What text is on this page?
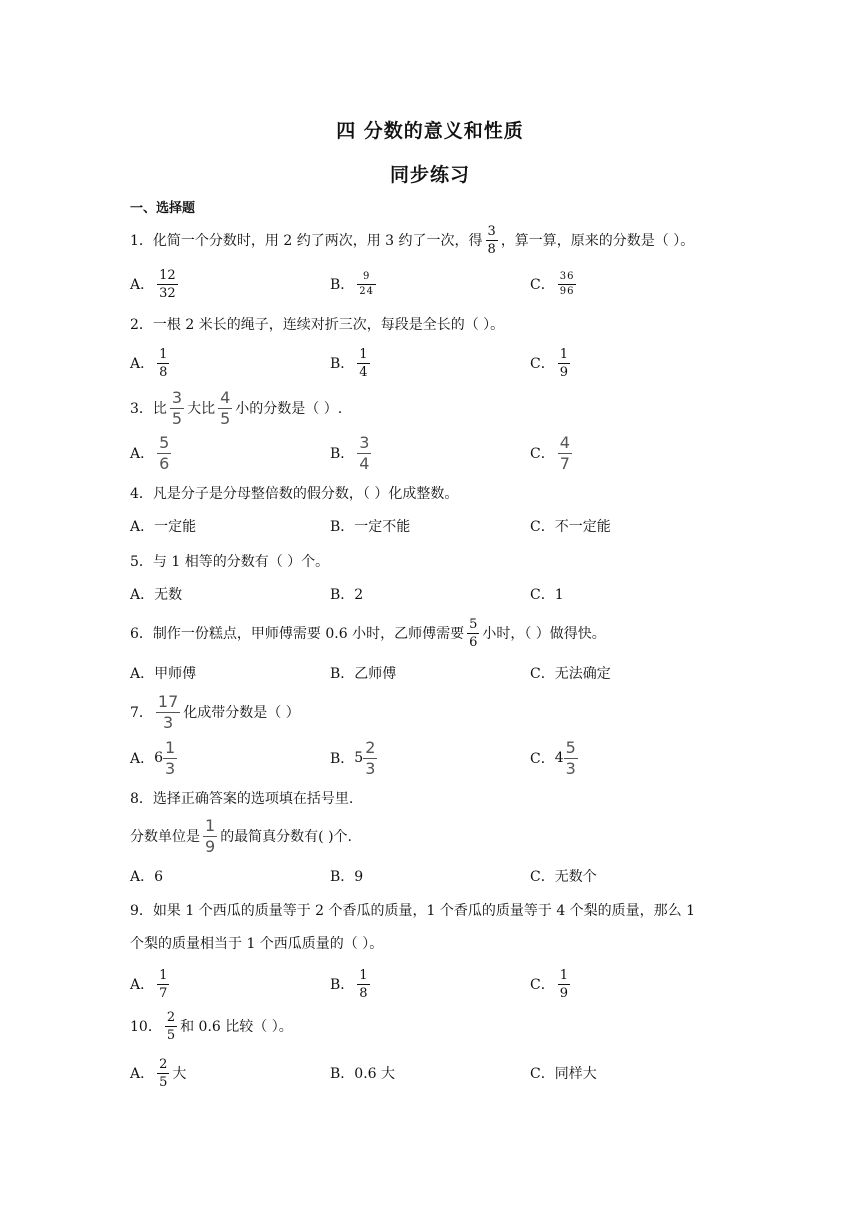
四 分数的意义和性质
同步练习
一、选择题
1．化简一个分数时，用 2 约了两次，用 3 约了一次，得 $\frac{3}{8}$ ，算一算，原来的分数是（ ）。
A． $\frac{12}{32}$	B． $\frac{9}{24}$	C． $\frac{36}{96}$
2．一根 2 米长的绳子，连续对折三次，每段是全长的（ ）。
A． $\frac{1}{8}$	B． $\frac{1}{4}$	C． $\frac{1}{9}$
3．比 $\frac{3}{5}$ 大比 $\frac{4}{5}$ 小的分数是（ ）.
A． $\frac{5}{6}$	B． $\frac{3}{4}$	C． $\frac{4}{7}$
4．凡是分子是分母整倍数的假分数，（ ）化成整数。
A．一定能	B．一定不能	C．不一定能
5．与 1 相等的分数有（ ）个。
A．无数	B．2	C．1
6．制作一份糕点，甲师傅需要 0.6 小时，乙师傅需要 $\frac{5}{6}$ 小时，（ ）做得快。
A．甲师傅	B．乙师傅	C．无法确定
7． $\frac{17}{3}$ 化成带分数是（ ）
A． $6 \frac{1}{3}$	B． $5 \frac{2}{3}$	C． $4 \frac{5}{3}$
8．选择正确答案的选项填在括号里.
分数单位是 $\frac{1}{9}$ 的最简真分数有( )个.
A．6	B．9	C．无数个
9．如果 1 个西瓜的质量等于 2 个香瓜的质量，1 个香瓜的质量等于 4 个梨的质量，那么 1
个梨的质量相当于 1 个西瓜质量的（ ）。
A． $\frac{1}{7}$	B． $\frac{1}{8}$	C． $\frac{1}{9}$
10． $\frac{2}{5}$ 和 0.6 比较（ ）。
A． $\frac{2}{5}$ 大	B．0.6 大	C．同样大
